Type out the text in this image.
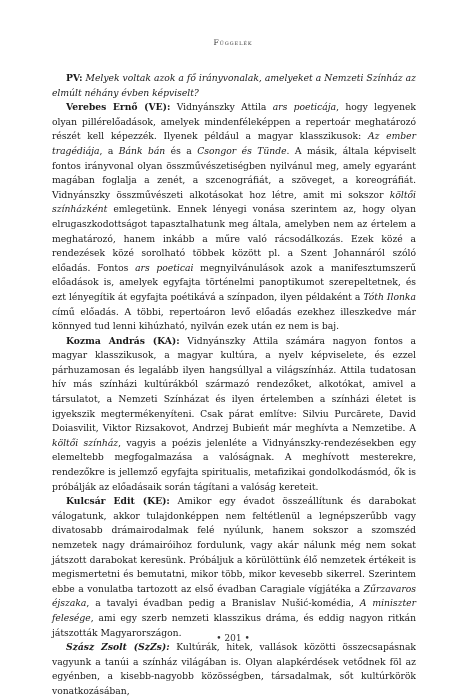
Függelék

PV: Melyek voltak azok a fő irányvonalak, amelyeket a Nemzeti Színház az elmúlt néhány évben képviselt?

Verebes Ernő (VE): Vidnyánszky Attila ars poeticája, hogy legyenek olyan pillérelőadások, amelyek mindenféleképpen a repertoár meghatározó részét kell képezzék. Ilyenek például a magyar klasszikusok: Az ember tragédiája, a Bánk bán és a Csongor és Tünde. A másik, általa képviselt fontos irányvonal olyan összművészetiségben nyilvánul meg, amely egyaránt magában foglalja a zenét, a szcenográfiát, a szöveget, a koreográfiát. Vidnyánszky összművészeti alkotásokat hoz létre, amit mi sokszor költői színházként emlegetünk. Ennek lényegi vonása szerintem az, hogy olyan elrugaszkodottságot tapasztalhatunk meg általa, amelyben nem az értelem a meghatározó, hanem inkább a műre való rácsodálkozás. Ezek közé a rendezések közé sorolható többek között pl. a Szent Johannáról szóló előadás. Fontos ars poeticai megnyilvánulások azok a manifesztumszerű előadások is, amelyek egyfajta történelmi panoptikumot szerepeltetnek, és ezt lényegítik át egyfajta poétikává a színpadon, ilyen példaként a Tóth Ilonka című előadás. A többi, repertoáron levő előadás ezekhez illeszkedve már könnyed tud lenni kihúzható, nyilván ezek után ez nem is baj.

Kozma András (KA): Vidnyánszky Attila számára nagyon fontos a magyar klasszikusok, a magyar kultúra, a nyelv képviselete, és ezzel párhuzamosan és legalább ilyen hangsúllyal a világszínház. Attila tudatosan hív más színházi kultúrákból származó rendezőket, alkotókat, amivel a társulatot, a Nemzeti Színházat és ilyen értelemben a színházi életet is igyekszik megtermékenyíteni. Csak párat említve: Silviu Purcărete, David Doiasvilit, Viktor Rizsakovot, Andrzej Bubieńt már meghívta a Nemzetibe. A költői színház, vagyis a poézis jelenléte a Vidnyánszky-rendezésekben egy elemeltebb megfogalmazása a valóságnak. A meghívott mesterekre, rendezőkre is jellemző egyfajta spiritualis, metafizikai gondolkodásmód, ők is próbálják az előadásaik során tágítani a valóság kereteit.

Kulcsár Edit (KE): Amikor egy évadot összeállítunk és darabokat válogatunk, akkor tulajdonképpen nem feltétlenül a legnépszerűbb vagy divatosabb drámairodalmak felé nyúlunk, hanem sokszor a szomszéd nemzetek nagy drámairóihoz fordulunk, vagy akár nálunk még nem sokat játszott darabokat keresünk. Próbáljuk a körülöttünk élő nemzetek értékeit is megismertetni és bemutatni, mikor több, mikor kevesebb sikerrel. Szerintem ebbe a vonulatba tartozott az első évadban Caragiale vígjátéka a Zűrzavaros éjszaka, a tavalyi évadban pedig a Branislav Nušić-komédia, A miniszter felesége, ami egy szerb nemzeti klasszikus dráma, és eddig nagyon ritkán játszották Magyarországon.

Szász Zsolt (SzZs): Kultúrák, hitek, vallások közötti összecsapásnak vagyunk a tanúi a színház világában is. Olyan alapkérdések vetődnek föl az egyénben, a kisebb-nagyobb közösségben, társadalmak, sőt kultúrkörök vonatkozásában,

• 201 •
